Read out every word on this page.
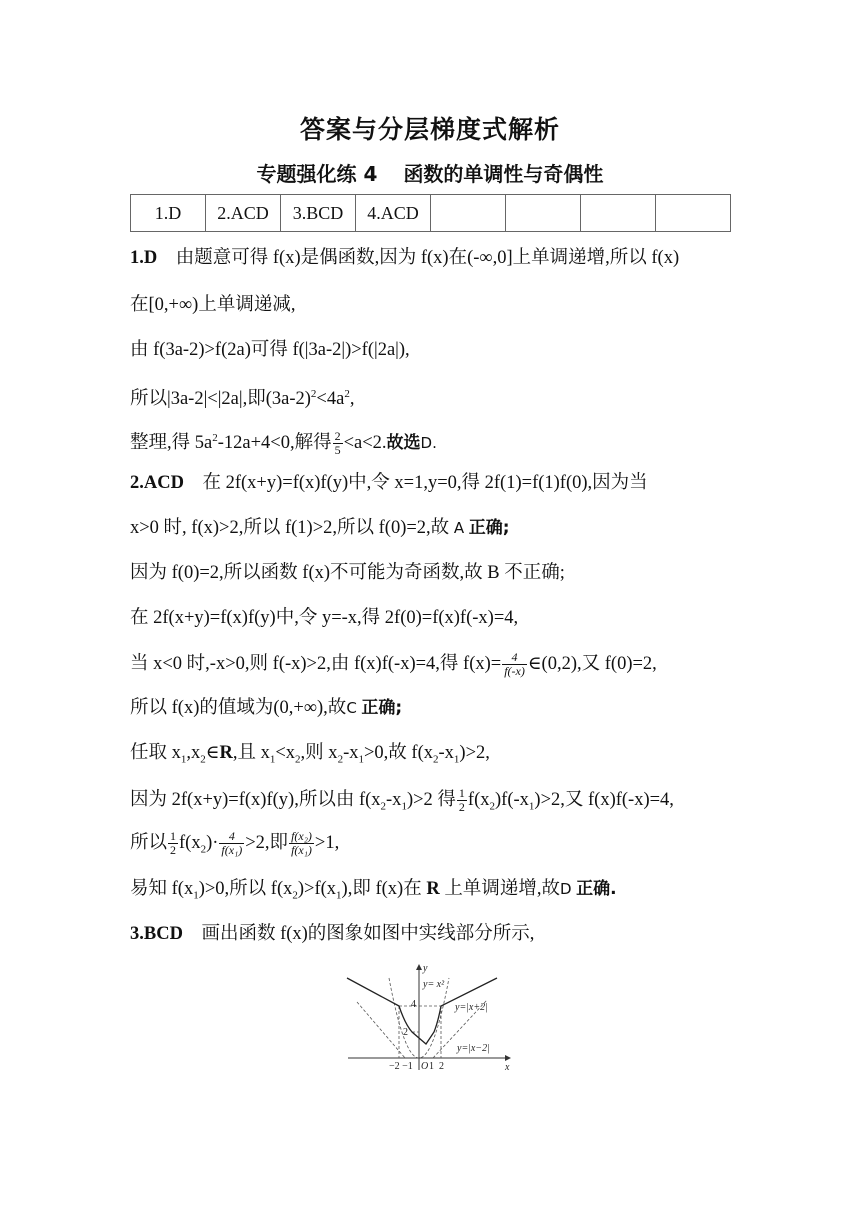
答案与分层梯度式解析
专题强化练 4 函数的单调性与奇偶性
1.D	2.ACD	3.BCD	4.ACD				
1.D 由题意可得 f(x)是偶函数,因为 f(x)在(-∞,0]上单调递增,所以 f(x)
在[0,+∞)上单调递减,
由 f(3a-2)>f(2a)可得 f(|3a-2|)>f(|2a|),
所以|3a-2|<|2a|,即$(3a-2)^2<4a^2$,
整理,得 $5a^2-12a+4<0$,解得 $\frac{2}{5} <a<2$.故选D.
2.ACD 在 2f(x+y)=f(x)f(y)中,令 x=1,y=0,得 2f(1)=f(1)f(0),因为当
x>0 时, f(x)>2,所以 f(1)>2,所以 f(0)=2,故 A 正确;
因为 f(0)=2,所以函数 f(x)不可能为奇函数,故 B 不正确;
在 2f(x+y)=f(x)f(y)中,令 y=-x,得 2f(0)=f(x)f(-x)=4,
当 x<0 时,-x>0,则 f(-x)>2,由 f(x)f(-x)=4,得 $f(x)= \frac{4}{f(-x)}$ ∈(0,2),又 f(0)=2,
所以 f(x)的值域为(0,+∞),故C 正确;
任取 $x_1,x_2\in R$,且 $x_1<x_2$,则 $x_2-x_1>0$,故 $f(x_2-x_1)>2$,
因为 2f(x+y)=f(x)f(y),所以由 $f(x_2-x_1)>2$ 得 $\frac{1}{2} f(x_2)f(-x_1)>2$,又 f(x)f(-x)=4,
所以 $\frac{1}{2} f(x_2)\cdot \frac{4}{\text{f(x₁)}} >2$,即 $\frac{\text{f(x₂)}}{\text{f(x₁)}} >1$,
易知 $f(x_1)>0$,所以 $f(x_2)>f(x_1)$,即 f(x)在 R 上单调递增,故D 正确.
3.BCD 画出函数 f(x)的图象如图中实线部分所示,
y
x
y= x²
y=|x+2|
y=|x−2|
4
2
−2 −1 O 1 2
